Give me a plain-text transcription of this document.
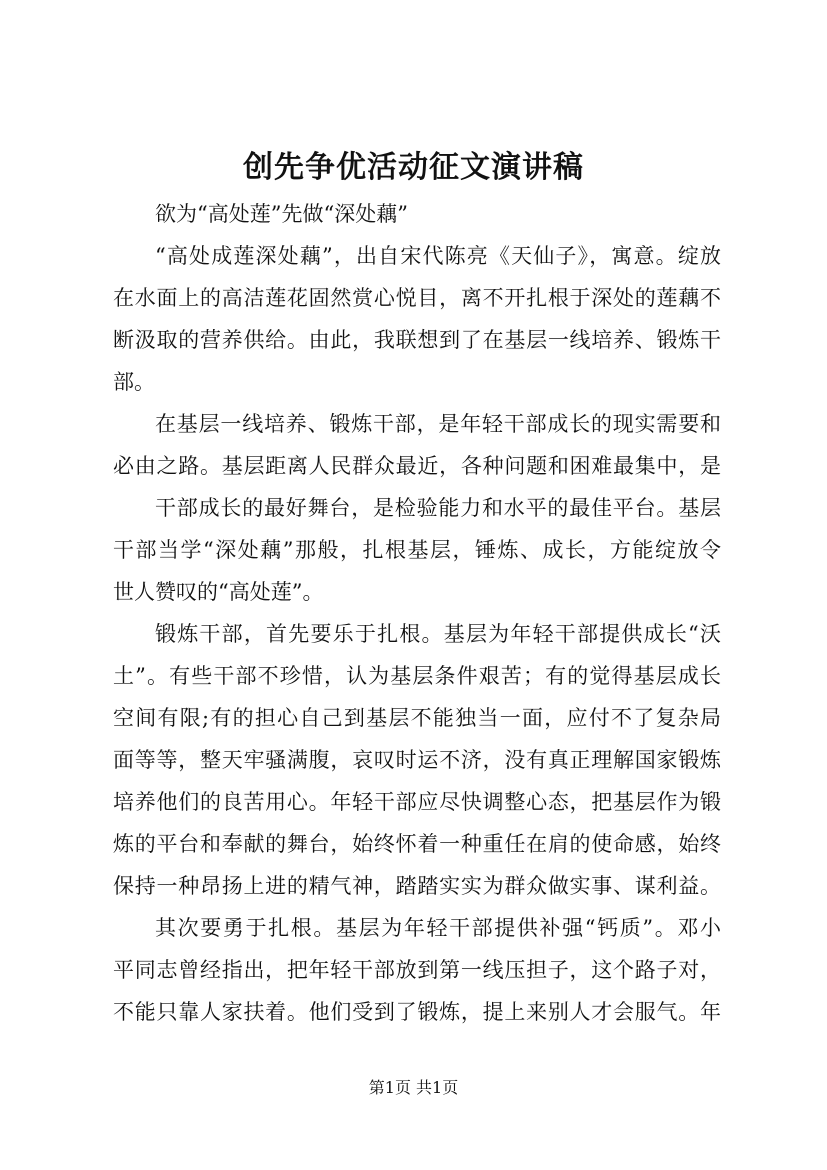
创先争优活动征文演讲稿

欲为“高处莲”先做“深处藕”

“高处成莲深处藕”，出自宋代陈亮《天仙子》，寓意。绽放

在水面上的高洁莲花固然赏心悦目，离不开扎根于深处的莲藕不

断汲取的营养供给。由此，我联想到了在基层一线培养、锻炼干

部。

在基层一线培养、锻炼干部，是年轻干部成长的现实需要和

必由之路。基层距离人民群众最近，各种问题和困难最集中，是

干部成长的最好舞台，是检验能力和水平的最佳平台。基层

干部当学“深处藕”那般，扎根基层，锤炼、成长，方能绽放令

世人赞叹的“高处莲”。

锻炼干部，首先要乐于扎根。基层为年轻干部提供成长“沃

土”。有些干部不珍惜，认为基层条件艰苦；有的觉得基层成长

空间有限;有的担心自己到基层不能独当一面，应付不了复杂局

面等等，整天牢骚满腹，哀叹时运不济，没有真正理解国家锻炼

培养他们的良苦用心。年轻干部应尽快调整心态，把基层作为锻

炼的平台和奉献的舞台，始终怀着一种重任在肩的使命感，始终

保持一种昂扬上进的精气神，踏踏实实为群众做实事、谋利益。

其次要勇于扎根。基层为年轻干部提供补强“钙质”。邓小

平同志曾经指出，把年轻干部放到第一线压担子，这个路子对，

不能只靠人家扶着。他们受到了锻炼，提上来别人才会服气。年

第1页 共1页
